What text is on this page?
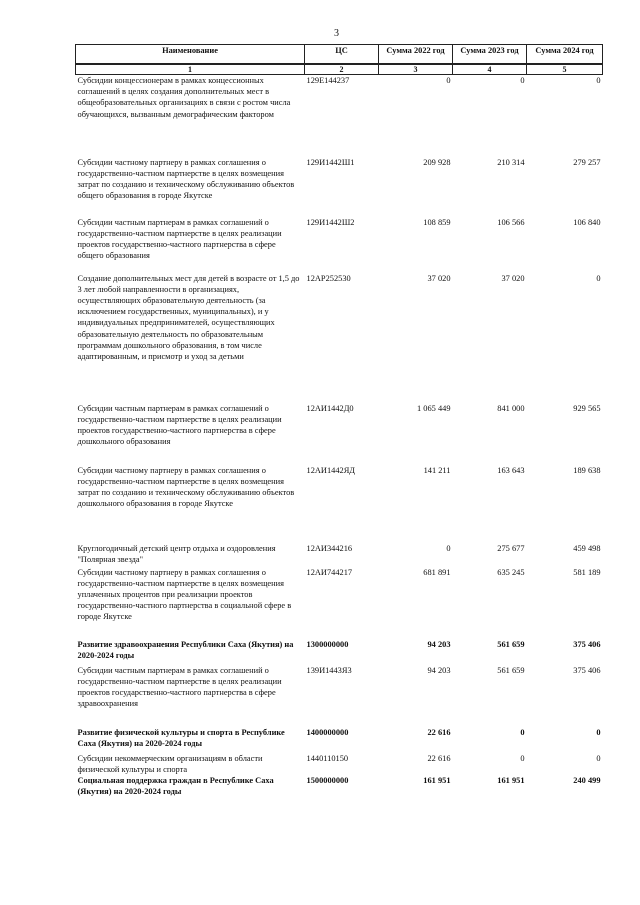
3
Наименование	ЦС	Сумма 2022 год	Сумма 2023 год	Сумма 2024 год
1	2	3	4	5
Субсидии концессионерам в рамках концессионных соглашений в целях создания дополнительных мест в общеобразовательных организациях в связи с ростом числа обучающихся, вызванным демографическим фактором	129Е144237	0	0	0
Субсидии частному партнеру в рамках соглашения о государственно-частном партнерстве в целях возмещения затрат по созданию и техническому обслуживанию объектов общего образования в городе Якутске	129И1442Ш1	209 928	210 314	279 257
Субсидии частным партнерам в рамках соглашений о государственно-частном партнерстве в целях реализации проектов государственно-частного партнерства в сфере общего образования	129И1442Ш2	108 859	106 566	106 840
Создание дополнительных мест для детей в возрасте от 1,5 до 3 лет любой направленности в организациях, осуществляющих образовательную деятельность (за исключением государственных, муниципальных), и у индивидуальных предпринимателей, осуществляющих образовательную деятельность по образовательным программам дошкольного образования, в том числе адаптированным, и присмотр и уход за детьми	12АР252530	37 020	37 020	0
Субсидии частным партнерам в рамках соглашений о государственно-частном партнерстве в целях реализации проектов государственно-частного партнерства в сфере дошкольного образования	12АИ1442Д0	1 065 449	841 000	929 565
Субсидии частному партнеру в рамках соглашения о государственно-частном партнерстве в целях возмещения затрат по созданию и техническому обслуживанию объектов дошкольного образования в городе Якутске	12АИ1442ЯД	141 211	163 643	189 638
Круглогодичный детский центр отдыха и оздоровления "Полярная звезда"	12АИ344216	0	275 677	459 498
Субсидии частному партнеру в рамках соглашения о государственно-частном партнерстве в целях возмещения уплаченных процентов при реализации проектов государственно-частного партнерства в социальной сфере в городе Якутске	12АИ744217	681 891	635 245	581 189
Развитие здравоохранения Республики Саха (Якутия) на 2020-2024 годы	1300000000	94 203	561 659	375 406
Субсидии частным партнерам в рамках соглашений о государственно-частном партнерстве в целях реализации проектов государственно-частного партнерства в сфере здравоохранения	139И1443Я3	94 203	561 659	375 406
Развитие физической культуры и спорта в Республике Саха (Якутия) на 2020-2024 годы	1400000000	22 616	0	0
Субсидии некоммерческим организациям в области физической культуры и спорта	1440110150	22 616	0	0
Социальная поддержка граждан в Республике Саха (Якутия) на 2020-2024 годы	1500000000	161 951	161 951	240 499
